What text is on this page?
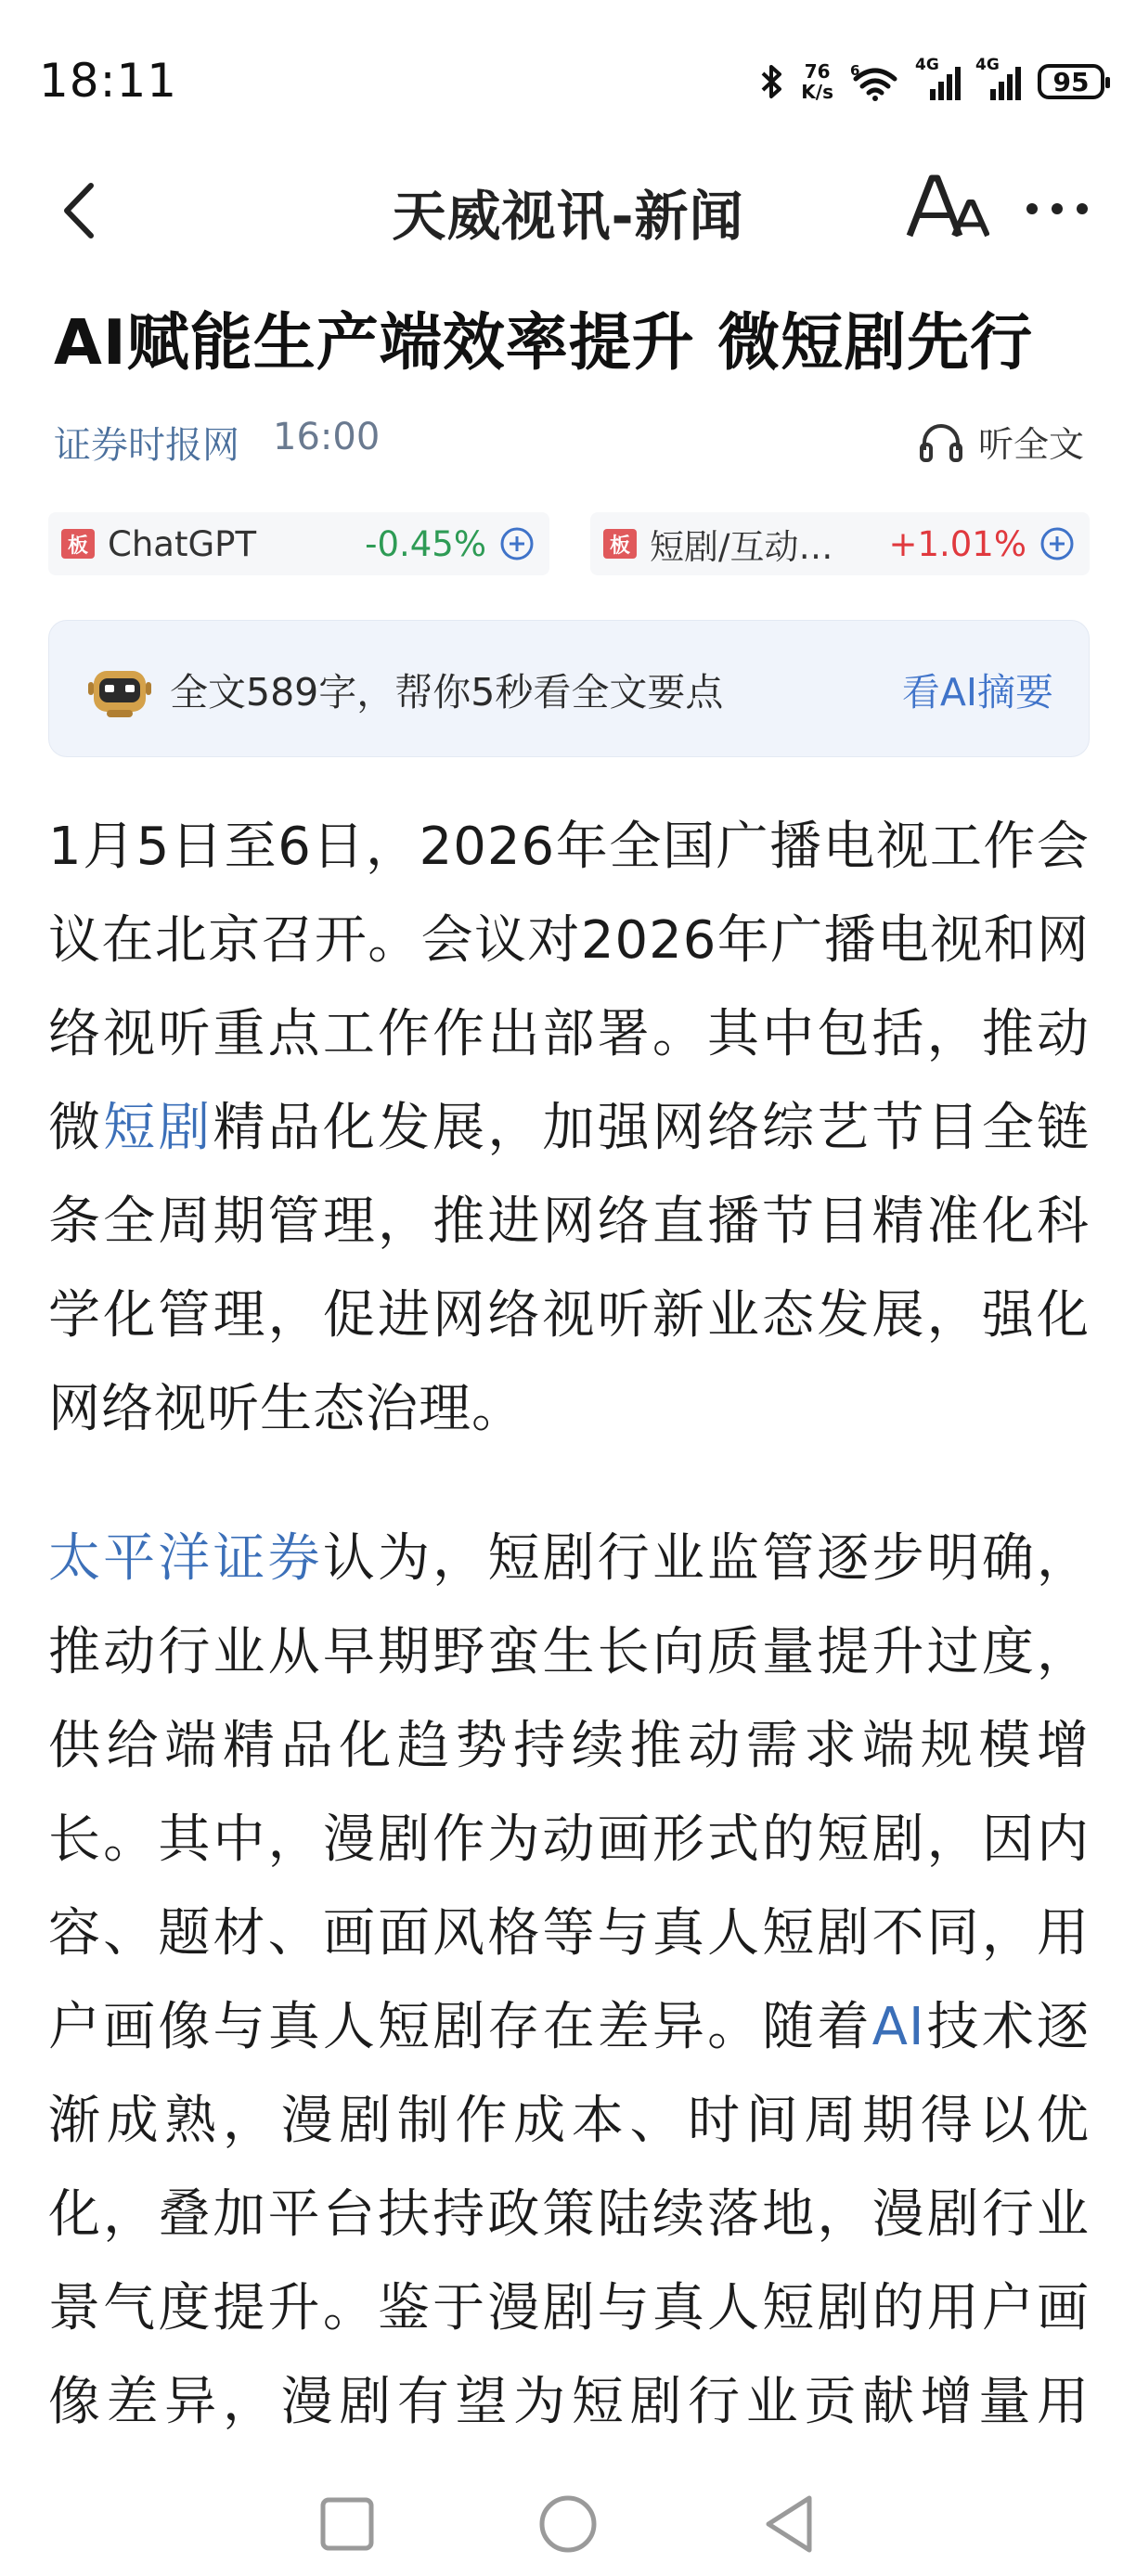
18:11	76
K/s
6	4G 4G
95
天威视讯-新闻
AI赋能生产端效率提升 微短剧先行
证券时报网 16:00	听全文
板 ChatGPT	-0.45%	板 短剧/互动… +1.01%
全文589字，帮你5秒看全文要点	看AI摘要

1月5日至6日，2026年全国广播电视工作会议在北京召开。会议对2026年广播电视和网络视听重点工作作出部署。其中包括，推动微短剧精品化发展，加强网络综艺节目全链条全周期管理，推进网络直播节目精准化科学化管理，促进网络视听新业态发展，强化网络视听生态治理。

太平洋证券认为，短剧行业监管逐步明确，推动行业从早期野蛮生长向质量提升过度，供给端精品化趋势持续推动需求端规模增长。其中，漫剧作为动画形式的短剧，因内容、题材、画面风格等与真人短剧不同，用户画像与真人短剧存在差异。随着AI技术逐渐成熟，漫剧制作成本、时间周期得以优化，叠加平台扶持政策陆续落地，漫剧行业景气度提升。鉴于漫剧与真人短剧的用户画像差异，漫剧有望为短剧行业贡献增量用
